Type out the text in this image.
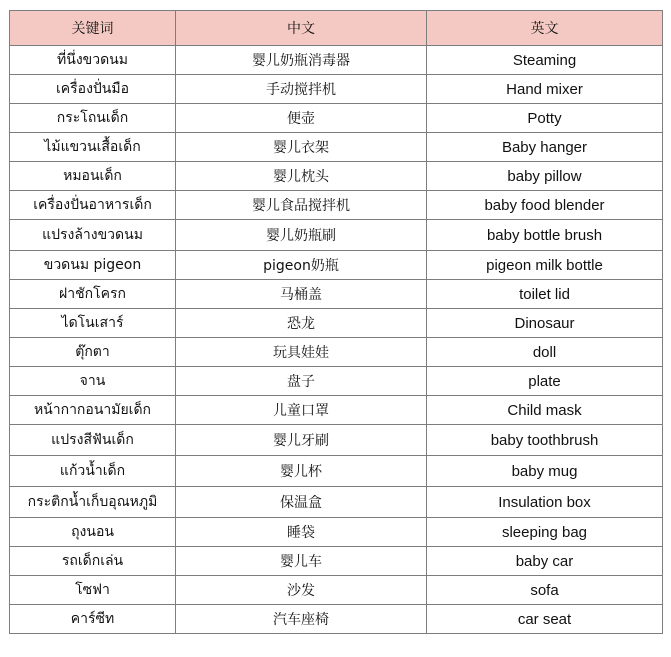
关键词	中文	英文
ที่นึ่งขวดนม	婴儿奶瓶消毒器	Steaming
เครื่องปั่นมือ	手动搅拌机	Hand mixer
กระโถนเด็ก	便壶	Potty
ไม้แขวนเสื้อเด็ก	婴儿衣架	Baby hanger
หมอนเด็ก	婴儿枕头	baby pillow
เครื่องปั่นอาหารเด็ก	婴儿食品搅拌机	baby food blender
แปรงล้างขวดนม	婴儿奶瓶刷	baby bottle brush
ขวดนม pigeon	pigeon奶瓶	pigeon milk bottle
ฝาชักโครก	马桶盖	toilet lid
ไดโนเสาร์	恐龙	Dinosaur
ตุ๊กตา	玩具娃娃	doll
จาน	盘子	plate
หน้ากากอนามัยเด็ก	儿童口罩	Child mask
แปรงสีฟันเด็ก	婴儿牙刷	baby toothbrush
แก้วน้ำเด็ก	婴儿杯	baby mug
กระติกน้ำเก็บอุณหภูมิ	保温盒	Insulation box
ถุงนอน	睡袋	sleeping bag
รถเด็กเล่น	婴儿车	baby car
โซฟา	沙发	sofa
คาร์ซีท	汽车座椅	car seat
